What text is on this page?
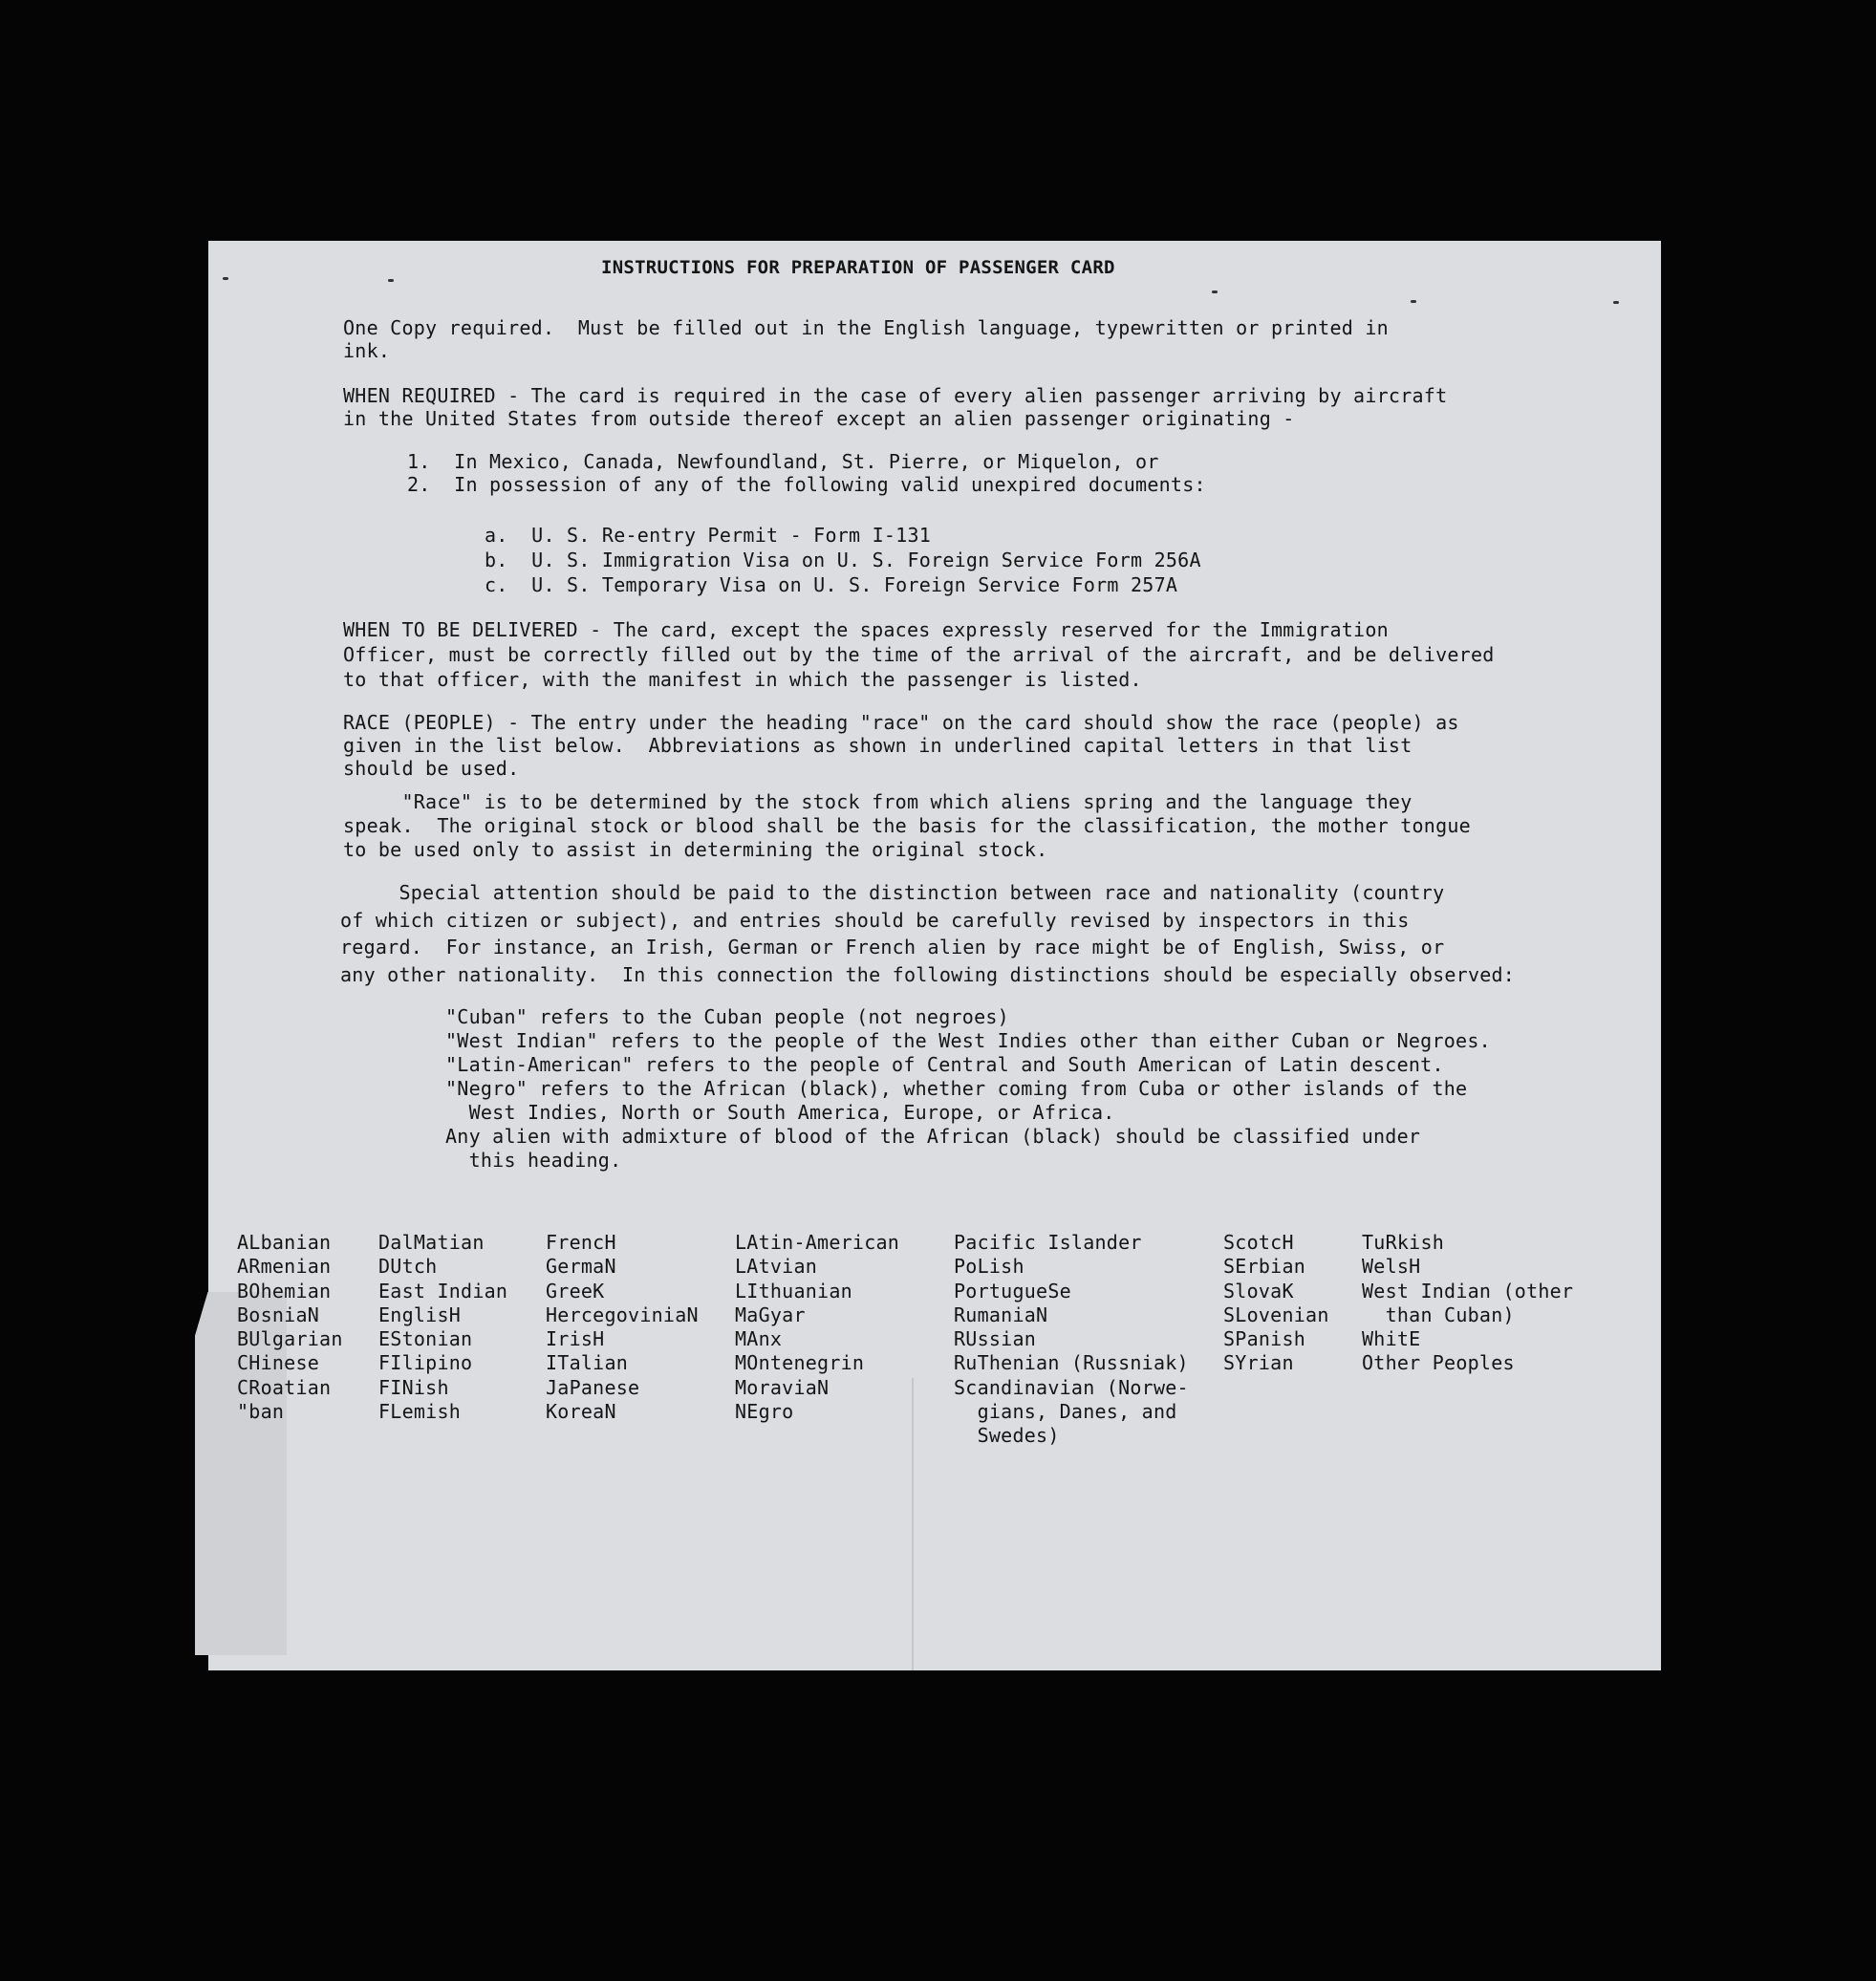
INSTRUCTIONS FOR PREPARATION OF PASSENGER CARD
One Copy required.  Must be filled out in the English language, typewritten or printed in
ink.
WHEN REQUIRED - The card is required in the case of every alien passenger arriving by aircraft
in the United States from outside thereof except an alien passenger originating -
1.  In Mexico, Canada, Newfoundland, St. Pierre, or Miquelon, or
2.  In possession of any of the following valid unexpired documents:
a.  U. S. Re-entry Permit - Form I-131
b.  U. S. Immigration Visa on U. S. Foreign Service Form 256A
c.  U. S. Temporary Visa on U. S. Foreign Service Form 257A
WHEN TO BE DELIVERED - The card, except the spaces expressly reserved for the Immigration
Officer, must be correctly filled out by the time of the arrival of the aircraft, and be delivered
to that officer, with the manifest in which the passenger is listed.
RACE (PEOPLE) - The entry under the heading "race" on the card should show the race (people) as
given in the list below.  Abbreviations as shown in underlined capital letters in that list
should be used.
"Race" is to be determined by the stock from which aliens spring and the language they
speak.  The original stock or blood shall be the basis for the classification, the mother tongue
to be used only to assist in determining the original stock.
Special attention should be paid to the distinction between race and nationality (country
of which citizen or subject), and entries should be carefully revised by inspectors in this
regard.  For instance, an Irish, German or French alien by race might be of English, Swiss, or
any other nationality.  In this connection the following distinctions should be especially observed:
"Cuban" refers to the Cuban people (not negroes)
"West Indian" refers to the people of the West Indies other than either Cuban or Negroes.
"Latin-American" refers to the people of Central and South American of Latin descent.
"Negro" refers to the African (black), whether coming from Cuba or other islands of the
West Indies, North or South America, Europe, or Africa.
Any alien with admixture of blood of the African (black) should be classified under
this heading.
ALbanian
ARmenian
BOhemian
BosniaN
BUlgarian
CHinese
CRoatian
"ban
DalMatian
DUtch
East Indian
EnglisH
EStonian
FIlipino
FINish
FLemish
FrencH
GermaN
GreeK
HercegoviniaN
IrisH
ITalian
JaPanese
KoreaN
LAtin-American
LAtvian
LIthuanian
MaGyar
MAnx
MOntenegrin
MoraviaN
NEgro
Pacific Islander
PoLish
PortugueSe
RumaniaN
RUssian
RuThenian (Russniak)
Scandinavian (Norwe-
gians, Danes, and
Swedes)
ScotcH
SErbian
SlovaK
SLovenian
SPanish
SYrian
TuRkish
WelsH
West Indian (other
than Cuban)
WhitE
Other Peoples
